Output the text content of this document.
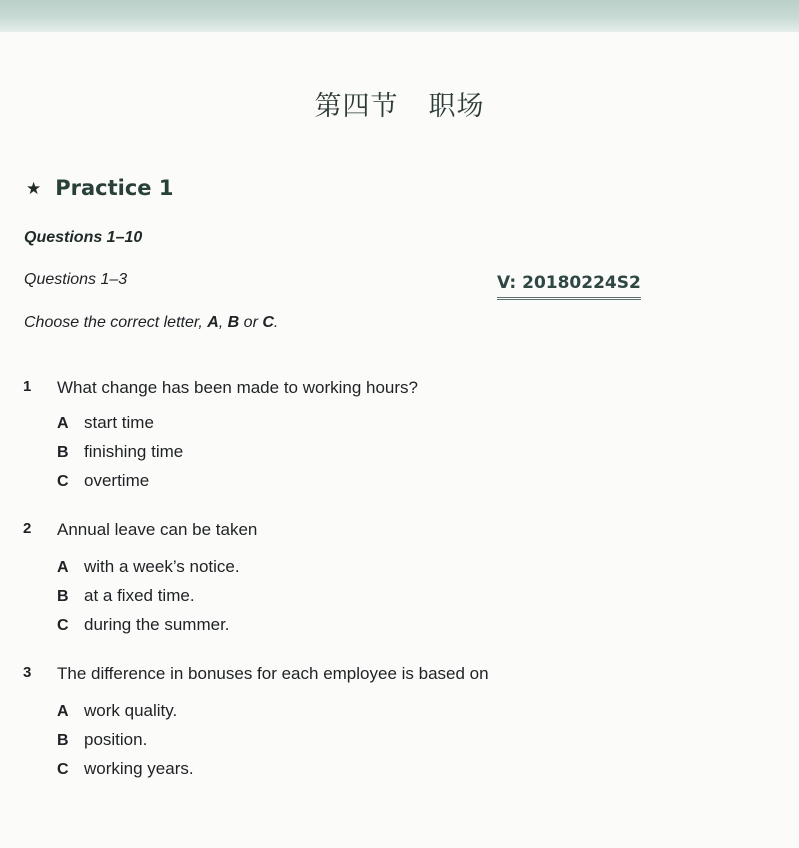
第四节 职场
★ Practice 1
Questions 1–10
Questions 1–3	V: 20180224S2
Choose the correct letter, A, B or C.
1 What change has been made to working hours?
A start time
B finishing time
C overtime
2 Annual leave can be taken
A with a week’s notice.
B at a fixed time.
C during the summer.
3 The difference in bonuses for each employee is based on
A work quality.
B position.
C working years.
